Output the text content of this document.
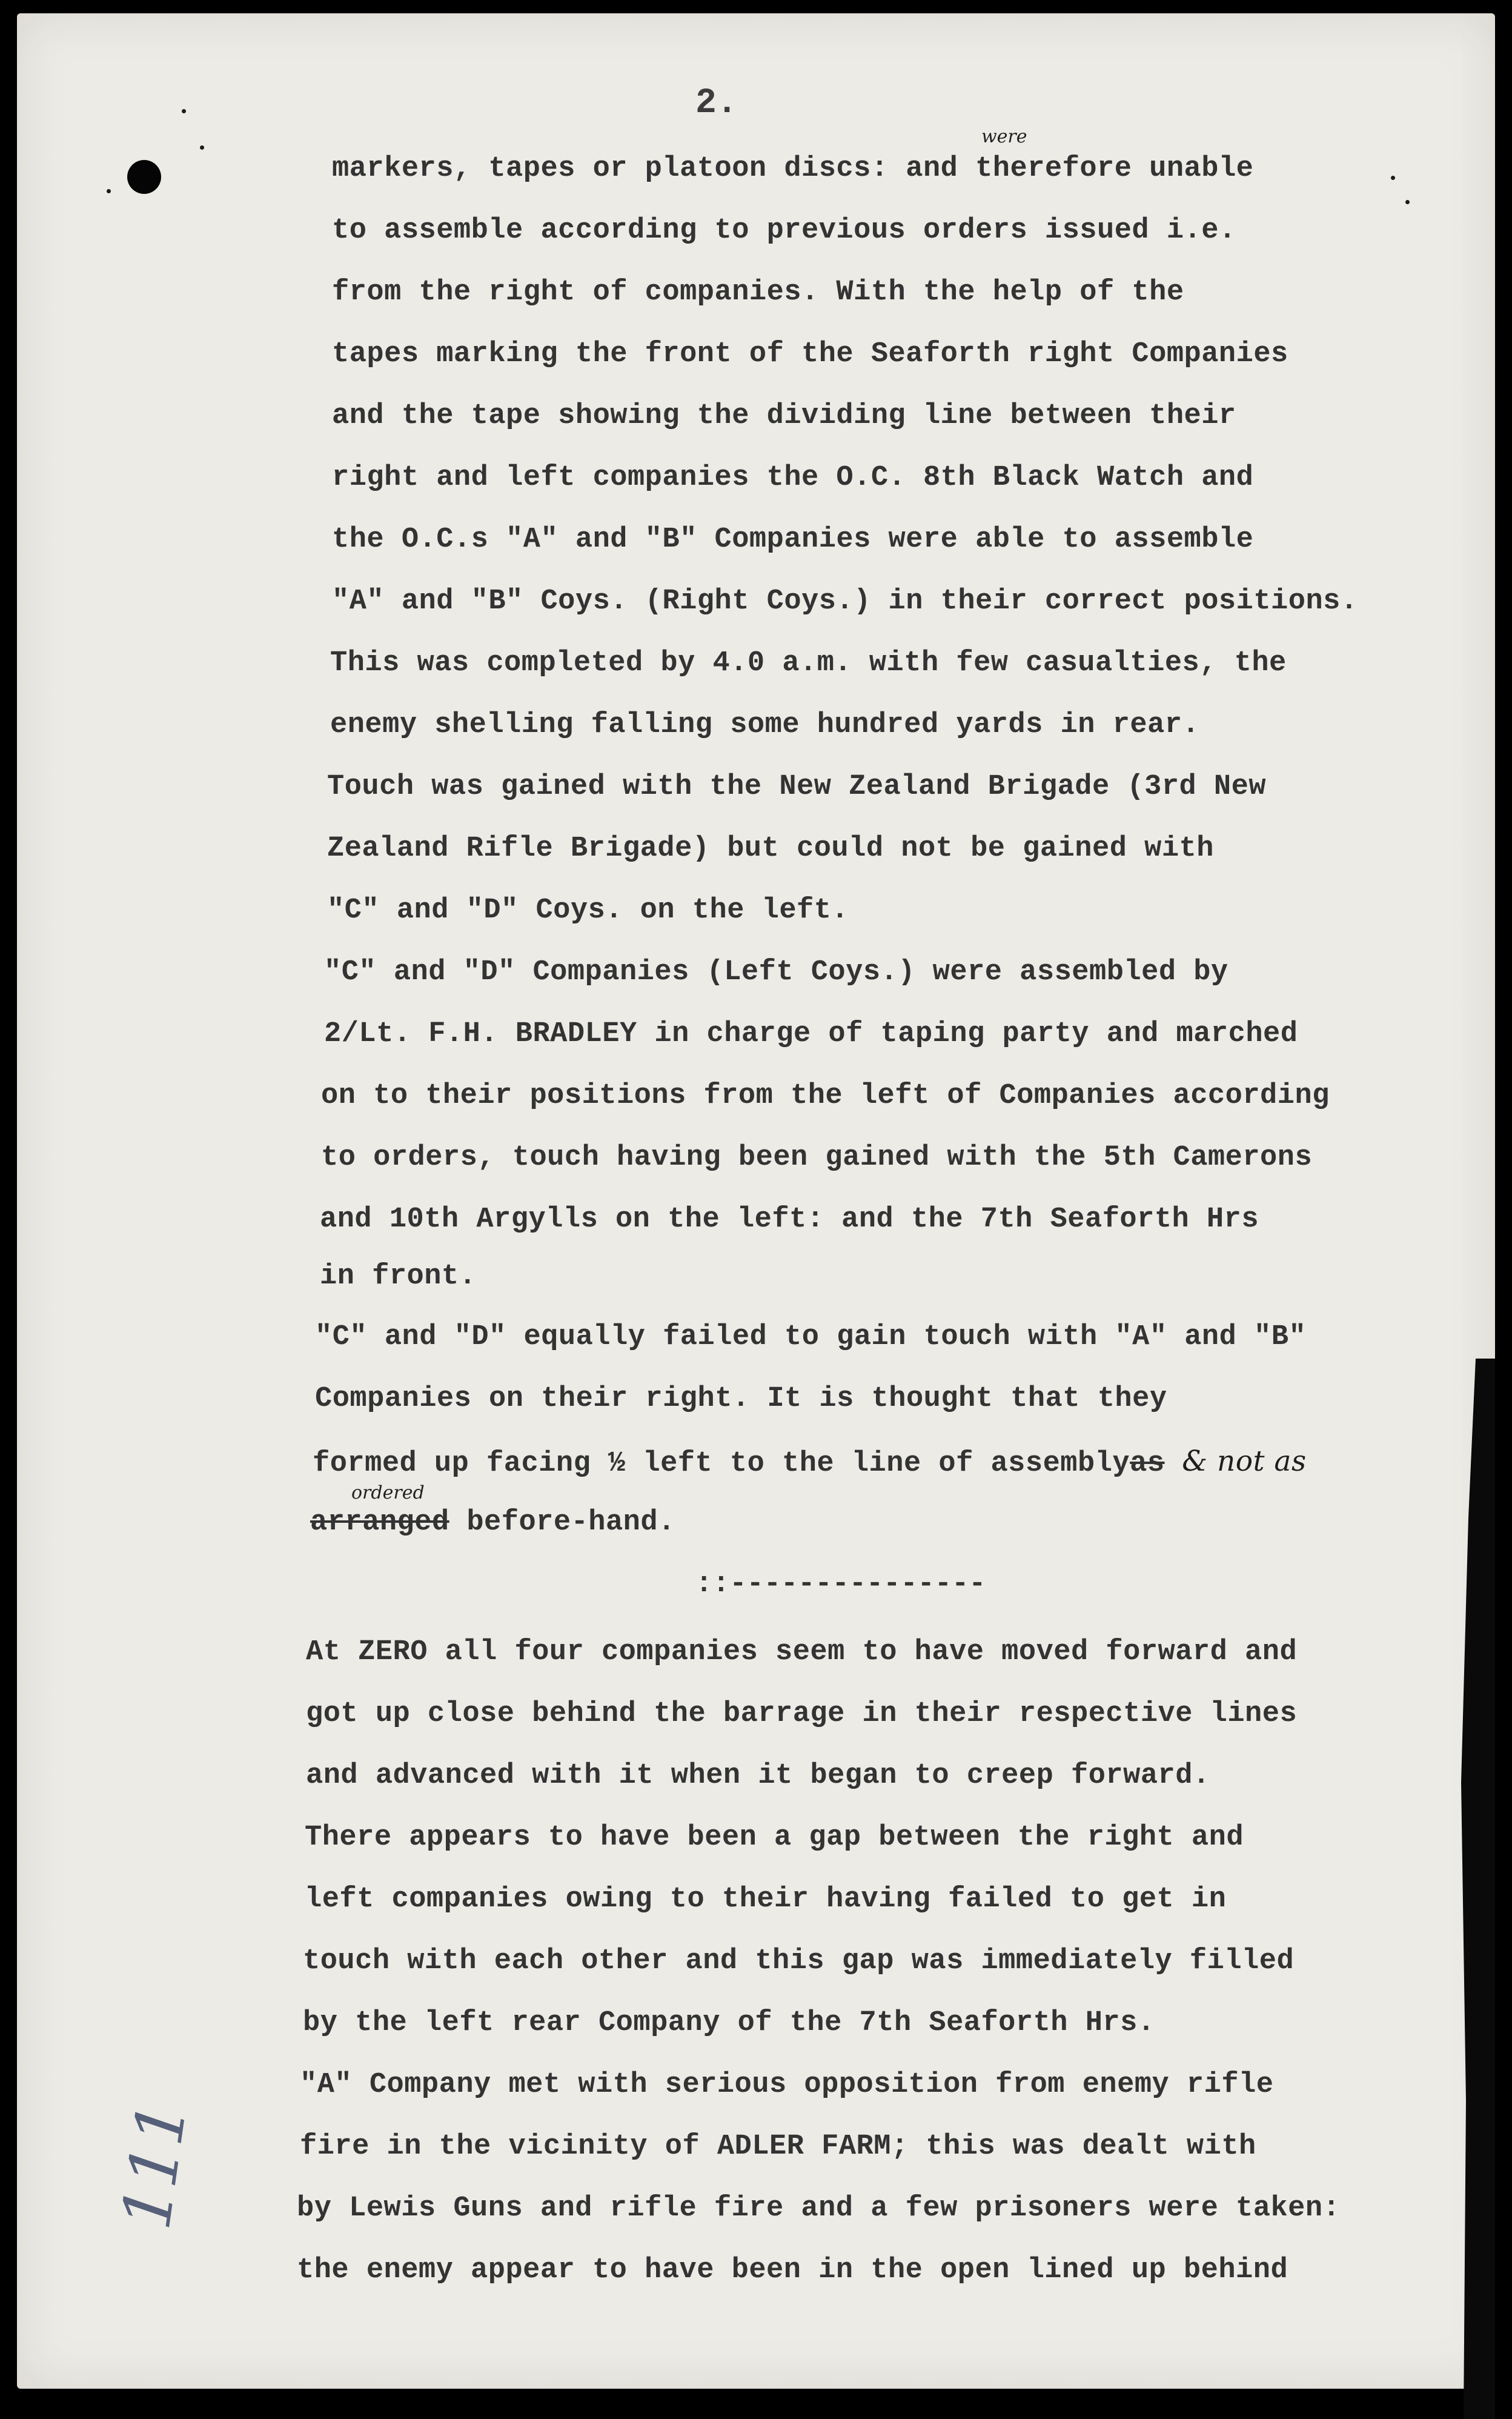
2.
were
markers, tapes or platoon discs: and therefore unable
to assemble according to previous orders issued i.e.
from the right of companies. With the help of the
tapes marking the front of the Seaforth right Companies
and the tape showing the dividing line between their
right and left companies the O.C. 8th Black Watch and
the O.C.s "A" and "B" Companies were able to assemble
"A" and "B" Coys. (Right Coys.) in their correct positions.
This was completed by 4.0 a.m. with few casualties, the
enemy shelling falling some hundred yards in rear.
Touch was gained with the New Zealand Brigade (3rd New
Zealand Rifle Brigade) but could not be gained with
"C" and "D" Coys. on the left.
"C" and "D" Companies (Left Coys.) were assembled by
2/Lt. F.H. BRADLEY in charge of taping party and marched
on to their positions from the left of Companies according
to orders, touch having been gained with the 5th Camerons
and 10th Argylls on the left: and the 7th Seaforth Hrs
in front.
"C" and "D" equally failed to gain touch with "A" and "B"
Companies on their right. It is thought that they
formed up facing ½ left to the line of assemblyas & not as
arranged before-hand.
At ZERO all four companies seem to have moved forward and
got up close behind the barrage in their respective lines
and advanced with it when it began to creep forward.
There appears to have been a gap between the right and
left companies owing to their having failed to get in
touch with each other and this gap was immediately filled
by the left rear Company of the 7th Seaforth Hrs.
"A" Company met with serious opposition from enemy rifle
fire in the vicinity of ADLER FARM; this was dealt with
by Lewis Guns and rifle fire and a few prisoners were taken:
the enemy appear to have been in the open lined up behind
ordered
::---------------
111
